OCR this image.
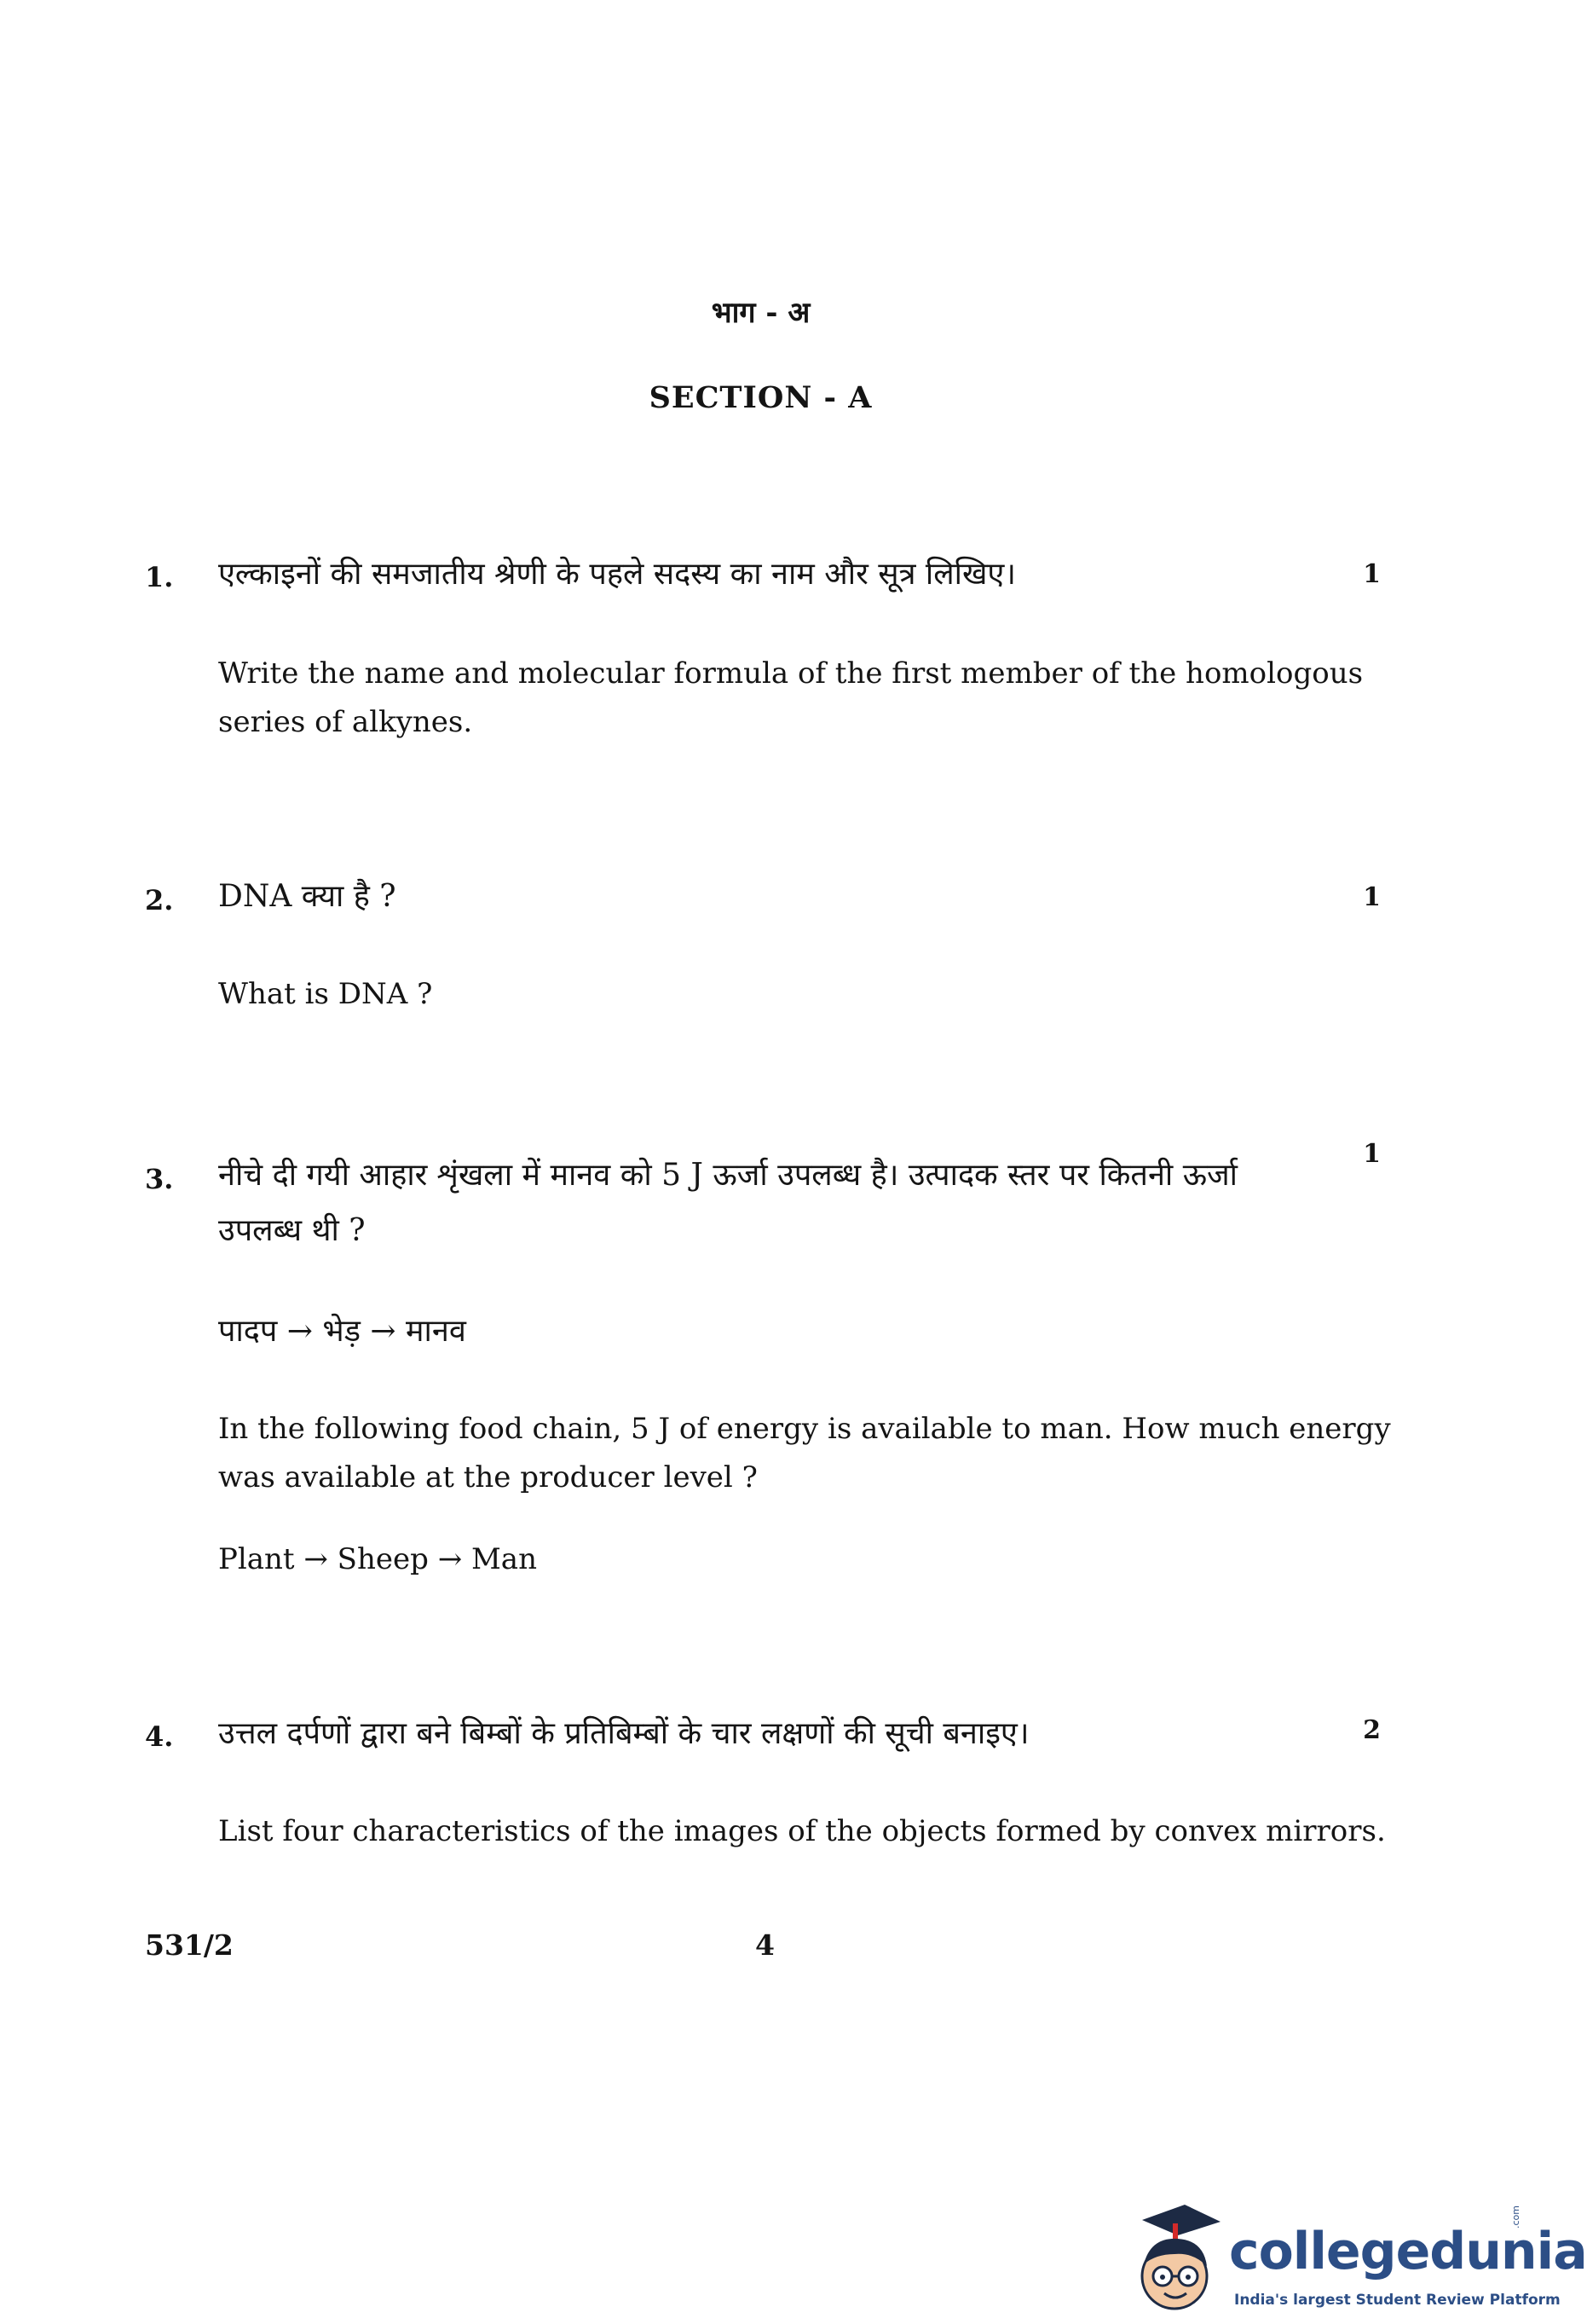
भाग - अ
SECTION - A
1. एल्काइनों की समजातीय श्रेणी के पहले सदस्य का नाम और सूत्र लिखिए।	1
Write the name and molecular formula of the first member of the homologous
series of alkynes.
2. DNA क्या है ?	1
What is DNA ?
1
3. नीचे दी गयी आहार शृंखला में मानव को 5 J ऊर्जा उपलब्ध है। उत्पादक स्तर पर कितनी ऊर्जा
उपलब्ध थी ?
पादप → भेड़ → मानव
In the following food chain, 5 J of energy is available to man. How much energy
was available at the producer level ?
Plant → Sheep → Man
4. उत्तल दर्पणों द्वारा बने बिम्बों के प्रतिबिम्बों के चार लक्षणों की सूची बनाइए।	2
List four characteristics of the images of the objects formed by convex mirrors.
531/2	4
collegedunia
.com
India's largest Student Review Platform
